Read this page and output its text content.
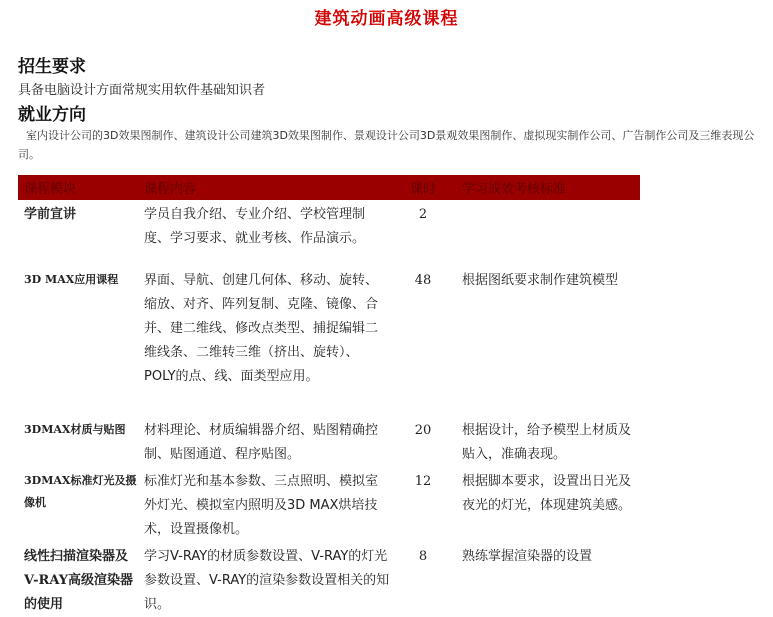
建筑动画高级课程
招生要求
具备电脑设计方面常规实用软件基础知识者
就业方向
室内设计公司的3D效果图制作、建筑设计公司建筑3D效果图制作、景观设计公司3D景观效果图制作、虚拟现实制作公司、广告制作公司及三维表现公司。
课程模块	课程内容	课时	学习成效考核标准
学前宣讲	学员自我介绍、专业介绍、学校管理制度、学习要求、就业考核、作品演示。	2	
3D MAX应用课程	界面、导航、创建几何体、移动、旋转、缩放、对齐、阵列复制、克隆、镜像、合并、建二维线、修改点类型、捕捉编辑二维线条、二维转三维（挤出、旋转）、POLY的点、线、面类型应用。	48	根据图纸要求制作建筑模型
3DMAX材质与贴图	材料理论、材质编辑器介绍、贴图精确控制、贴图通道、程序贴图。	20	根据设计，给予模型上材质及贴入，准确表现。
3DMAX标准灯光及摄像机	标准灯光和基本参数、三点照明、模拟室外灯光、模拟室内照明及3D MAX烘培技术，设置摄像机。	12	根据脚本要求，设置出日光及夜光的灯光，体现建筑美感。
线性扫描渲染器及V-RAY高级渲染器的使用	学习V-RAY的材质参数设置、V-RAY的灯光参数设置、V-RAY的渲染参数设置相关的知识。	8	熟练掌握渲染器的设置
